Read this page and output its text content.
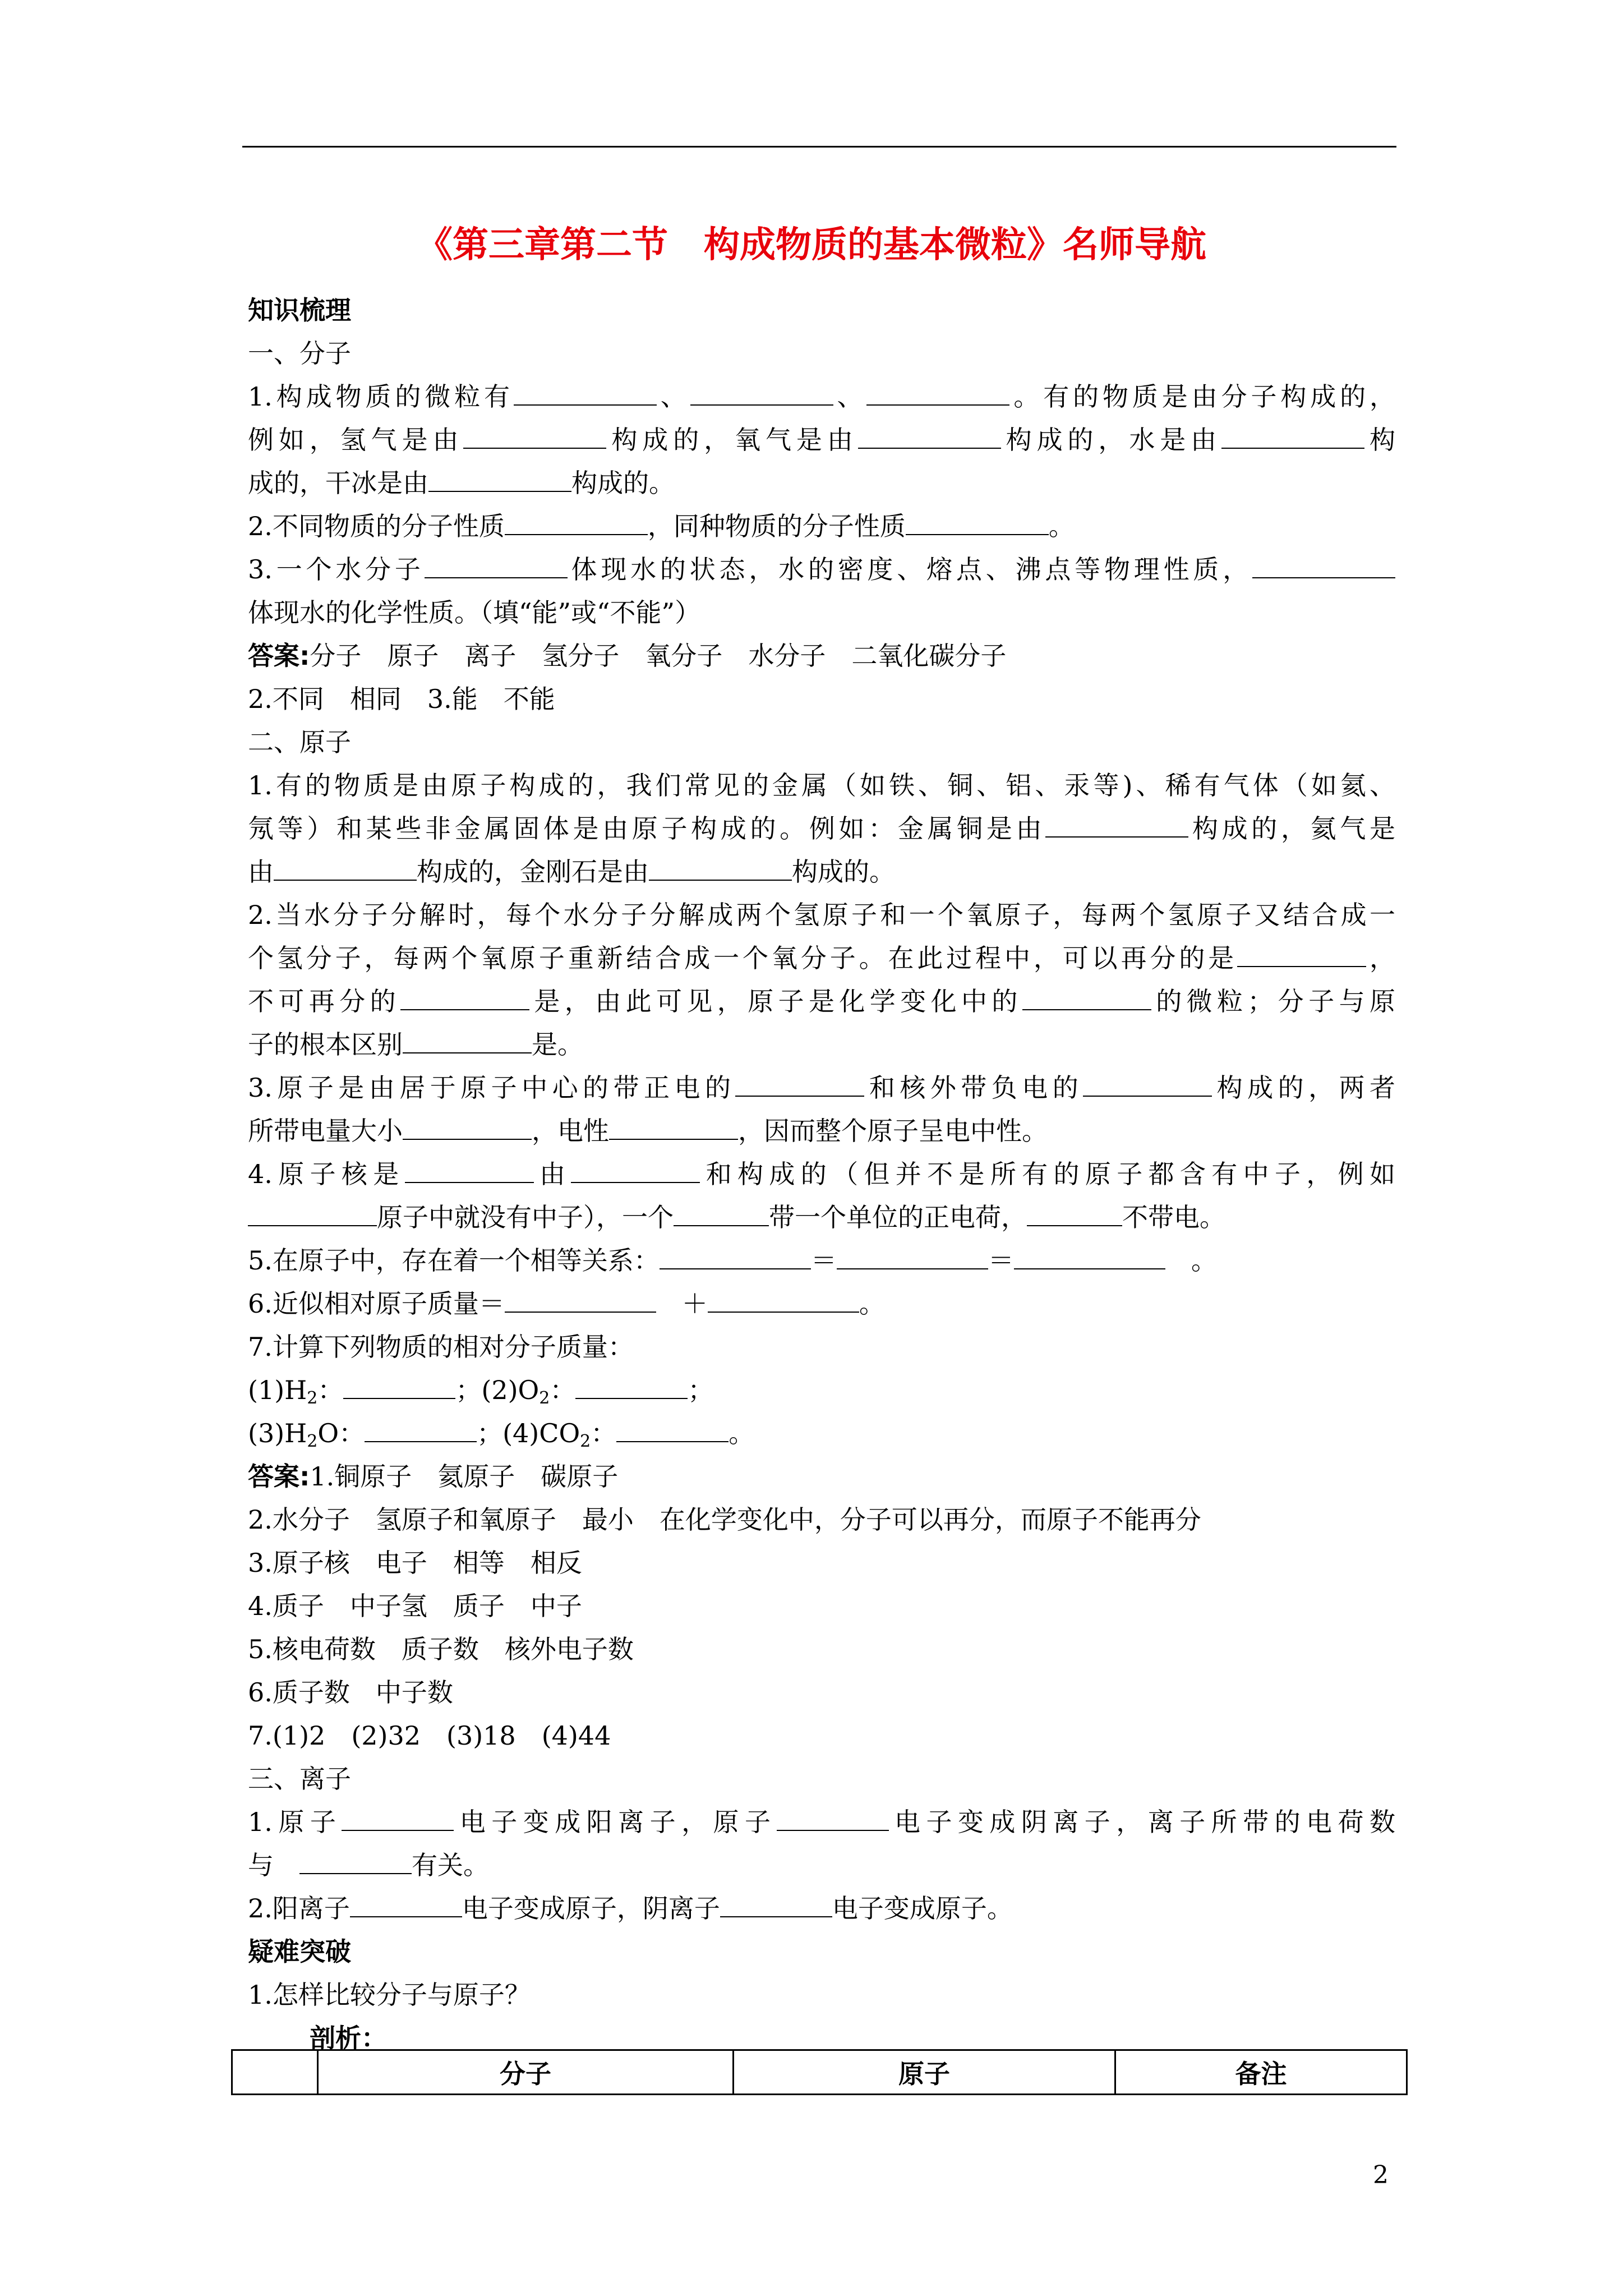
《第三章第二节　构成物质的基本微粒》名师导航
知识梳理
一、分子
1.构成物质的微粒有	、	、	。有的物质是由分子构成的，
例如，氢气是由	构成的，氧气是由	构成的，水是由	构
成的，干冰是由	构成的。
2.不同物质的分子性质	，同种物质的分子性质	。
3.一个水分子	体现水的状态，水的密度、熔点、沸点等物理性质，
体现水的化学性质。（填“能”或“不能”）
答案:分子　原子　离子　氢分子　氧分子　水分子　二氧化碳分子
2.不同　相同　3.能　不能
二、原子
1.有的物质是由原子构成的，我们常见的金属（如铁、铜、铝、汞等)、稀有气体（如氦、
氖等）和某些非金属固体是由原子构成的。例如：金属铜是由	构成的，氦气是
由	构成的，金刚石是由	构成的。
2.当水分子分解时，每个水分子分解成两个氢原子和一个氧原子，每两个氢原子又结合成一
个氢分子，每两个氧原子重新结合成一个氧分子。在此过程中，可以再分的是	，
不可再分的	是，由此可见，原子是化学变化中的	的微粒；分子与原
子的根本区别	是。
3.原子是由居于原子中心的带正电的	和核外带负电的	构成的，两者
所带电量大小	，电性	，因而整个原子呈电中性。
4.原子核是	由	和构成的（但并不是所有的原子都含有中子，例如
原子中就没有中子），一个	带一个单位的正电荷，	不带电。
5.在原子中，存在着一个相等关系：	＝	＝	　。
6.近似相对原子质量＝	　＋	。
7.计算下列物质的相对分子质量：
$(1)H_2$：	；$(2)O_2$：	；
$(3)H_2O$：	；$(4)CO_2$：	。
答案:1.铜原子　氦原子　碳原子
2.水分子　氢原子和氧原子　最小　在化学变化中，分子可以再分，而原子不能再分
3.原子核　电子　相等　相反
4.质子　中子氢　质子　中子
5.核电荷数　质子数　核外电子数
6.质子数　中子数
7.(1)2　(2)32　(3)18　(4)44
三、离子
1.原子	电子变成阳离子，原子	电子变成阴离子，离子所带的电荷数
与　	有关。
2.阳离子	电子变成原子，阴离子	电子变成原子。
疑难突破
1.怎样比较分子与原子？
剖析：
	分子	原子	备注
2
